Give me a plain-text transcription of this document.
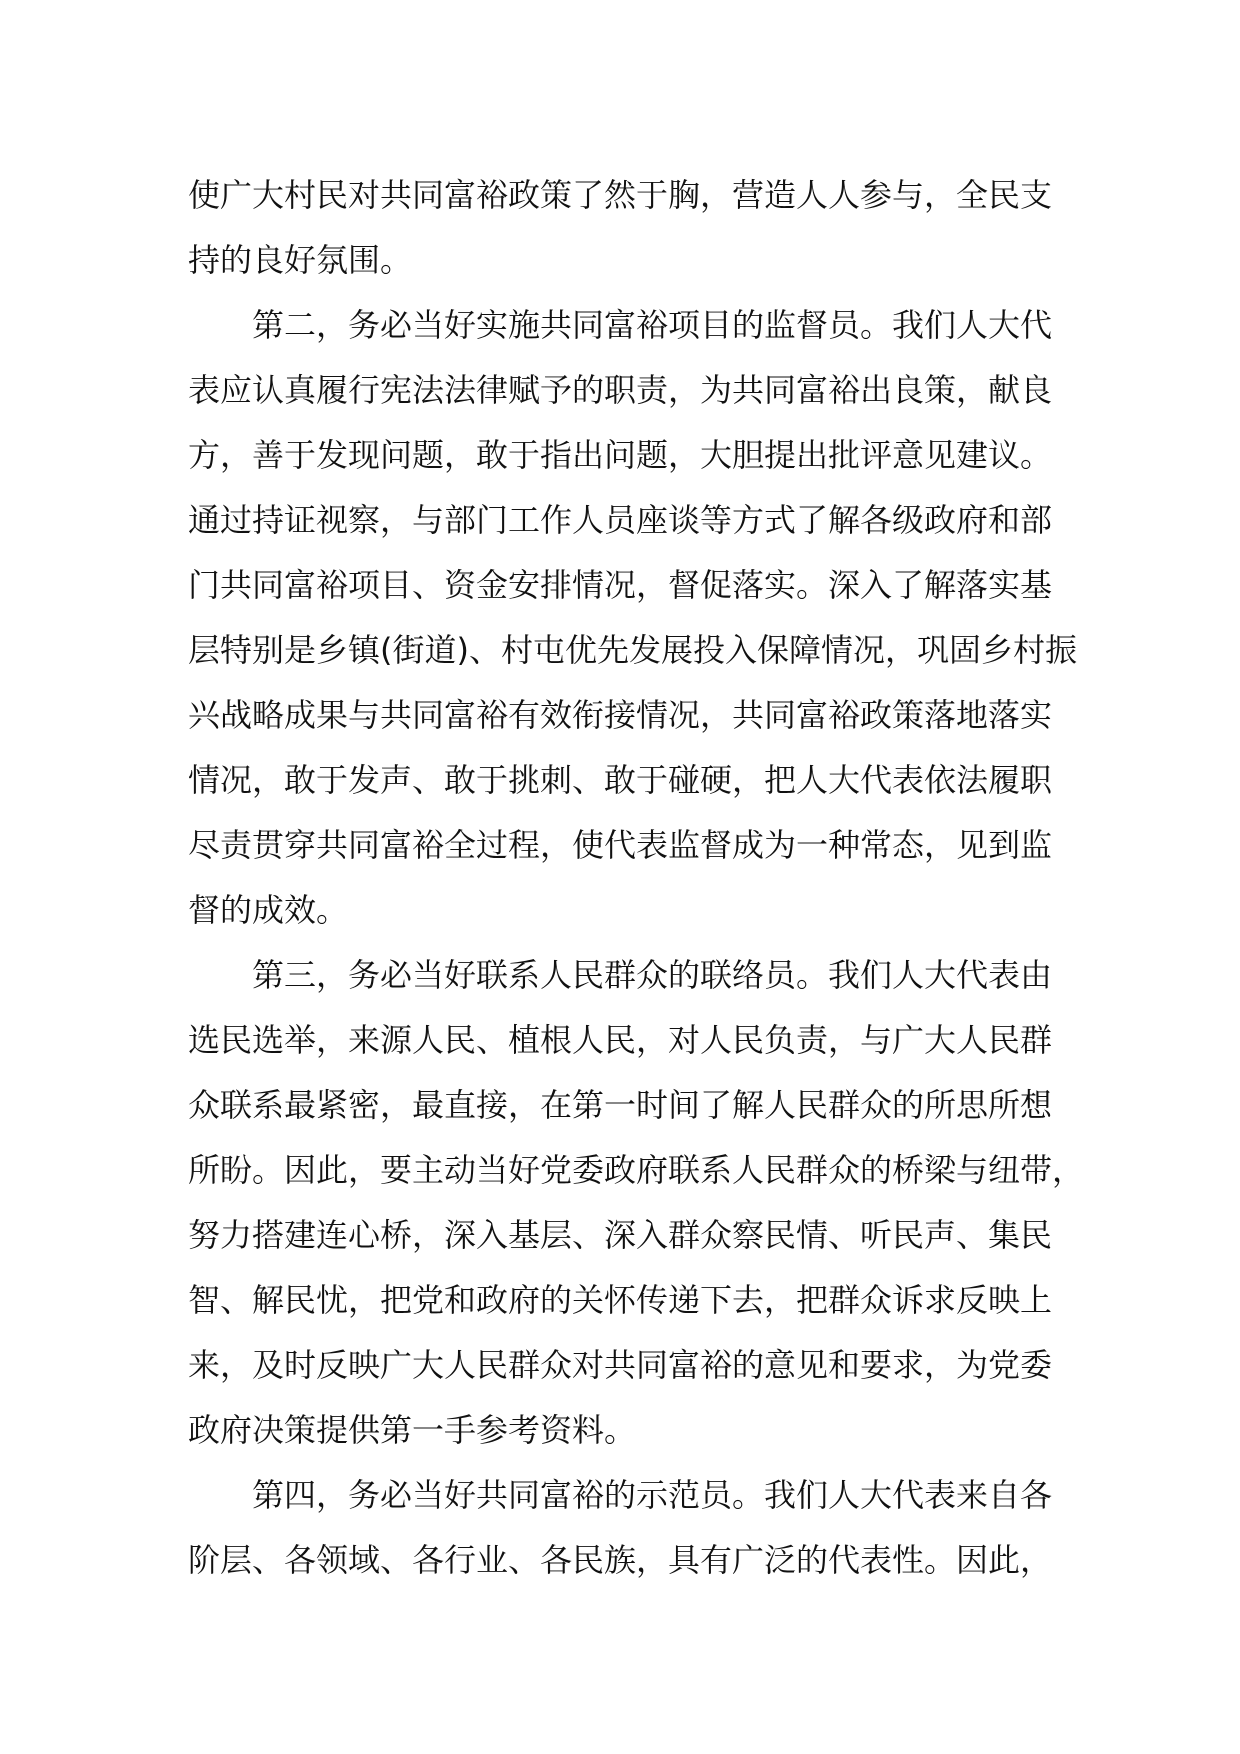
使广大村民对共同富裕政策了然于胸，营造人人参与，全民支
持的良好氛围。
第二，务必当好实施共同富裕项目的监督员。我们人大代
表应认真履行宪法法律赋予的职责，为共同富裕出良策，献良
方，善于发现问题，敢于指出问题，大胆提出批评意见建议。
通过持证视察，与部门工作人员座谈等方式了解各级政府和部
门共同富裕项目、资金安排情况，督促落实。深入了解落实基
层特别是乡镇(街道)、村屯优先发展投入保障情况，巩固乡村振
兴战略成果与共同富裕有效衔接情况，共同富裕政策落地落实
情况，敢于发声、敢于挑刺、敢于碰硬，把人大代表依法履职
尽责贯穿共同富裕全过程，使代表监督成为一种常态，见到监
督的成效。
第三，务必当好联系人民群众的联络员。我们人大代表由
选民选举，来源人民、植根人民，对人民负责，与广大人民群
众联系最紧密，最直接，在第一时间了解人民群众的所思所想
所盼。因此，要主动当好党委政府联系人民群众的桥梁与纽带，
努力搭建连心桥，深入基层、深入群众察民情、听民声、集民
智、解民忧，把党和政府的关怀传递下去，把群众诉求反映上
来，及时反映广大人民群众对共同富裕的意见和要求，为党委
政府决策提供第一手参考资料。
第四，务必当好共同富裕的示范员。我们人大代表来自各
阶层、各领域、各行业、各民族，具有广泛的代表性。因此，
